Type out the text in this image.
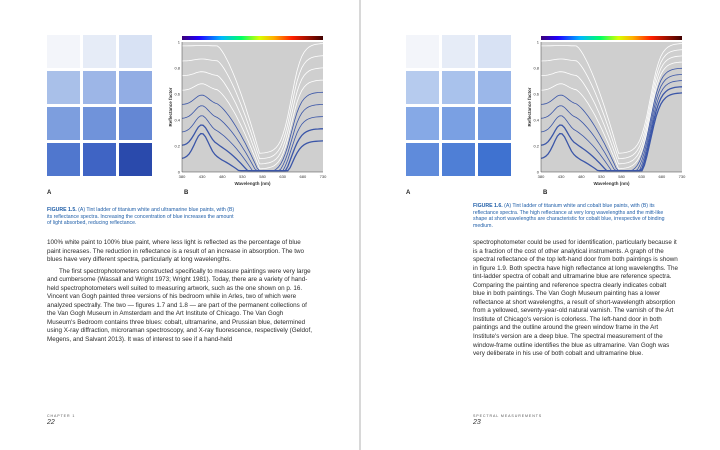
1
0.8
0.6
0.4
0.2
0
380	430	480	530	580	630	680	730
Wavelength (nm)
Reflectance factor
A	B
FIGURE 1.5. (A) Tint ladder of titanium white and ultramarine blue paints, with (B) its reflectance spectra. Increasing the concentration of blue increases the amount of light absorbed, reducing reflectance.

100% white paint to 100% blue paint, where less light is reflected as the percentage of blue paint increases. The reduction in reflectance is a result of an increase in absorption. The two blues have very different spectra, particularly at long wavelengths.

The first spectrophotometers constructed specifically to measure paintings were very large and cumbersome (Wassall and Wright 1973; Wright 1981). Today, there are a variety of hand-held spectrophotometers well suited to measuring artwork, such as the one shown on p. 16. Vincent van Gogh painted three versions of his bedroom while in Arles, two of which were analyzed spectrally. The two — figures 1.7 and 1.8 — are part of the permanent collections of the Van Gogh Museum in Amsterdam and the Art Institute of Chicago. The Van Gogh Museum's Bedroom contains three blues: cobalt, ultramarine, and Prussian blue, determined using X-ray diffraction, microraman spectroscopy, and X-ray fluorescence, respectively (Geldof, Megens, and Salvant 2013). It was of interest to see if a hand-held

CHAPTER 1
22
1
0.8
0.6
0.4
0.2
0
380	430	480	530	580	630	680	730
Wavelength (nm)
Reflectance factor
A	B
FIGURE 1.6. (A) Tint ladder of titanium white and cobalt blue paints, with (B) its reflectance spectra. The high reflectance at very long wavelengths and the mitt-like shape at short wavelengths are characteristic for cobalt blue, irrespective of binding medium.

spectrophotometer could be used for identification, particularly because it is a fraction of the cost of other analytical instruments. A graph of the spectral reflectance of the top left-hand door from both paintings is shown in figure 1.9. Both spectra have high reflectance at long wavelengths. The tint-ladder spectra of cobalt and ultramarine blue are reference spectra. Comparing the painting and reference spectra clearly indicates cobalt blue in both paintings. The Van Gogh Museum painting has a lower reflectance at short wavelengths, a result of short-wavelength absorption from a yellowed, seventy-year-old natural varnish. The varnish of the Art Institute of Chicago's version is colorless. The left-hand door in both paintings and the outline around the green window frame in the Art Institute's version are a deep blue. The spectral measurement of the window-frame outline identifies the blue as ultramarine. Van Gogh was very deliberate in his use of both cobalt and ultramarine blue.

SPECTRAL MEASUREMENTS
23
